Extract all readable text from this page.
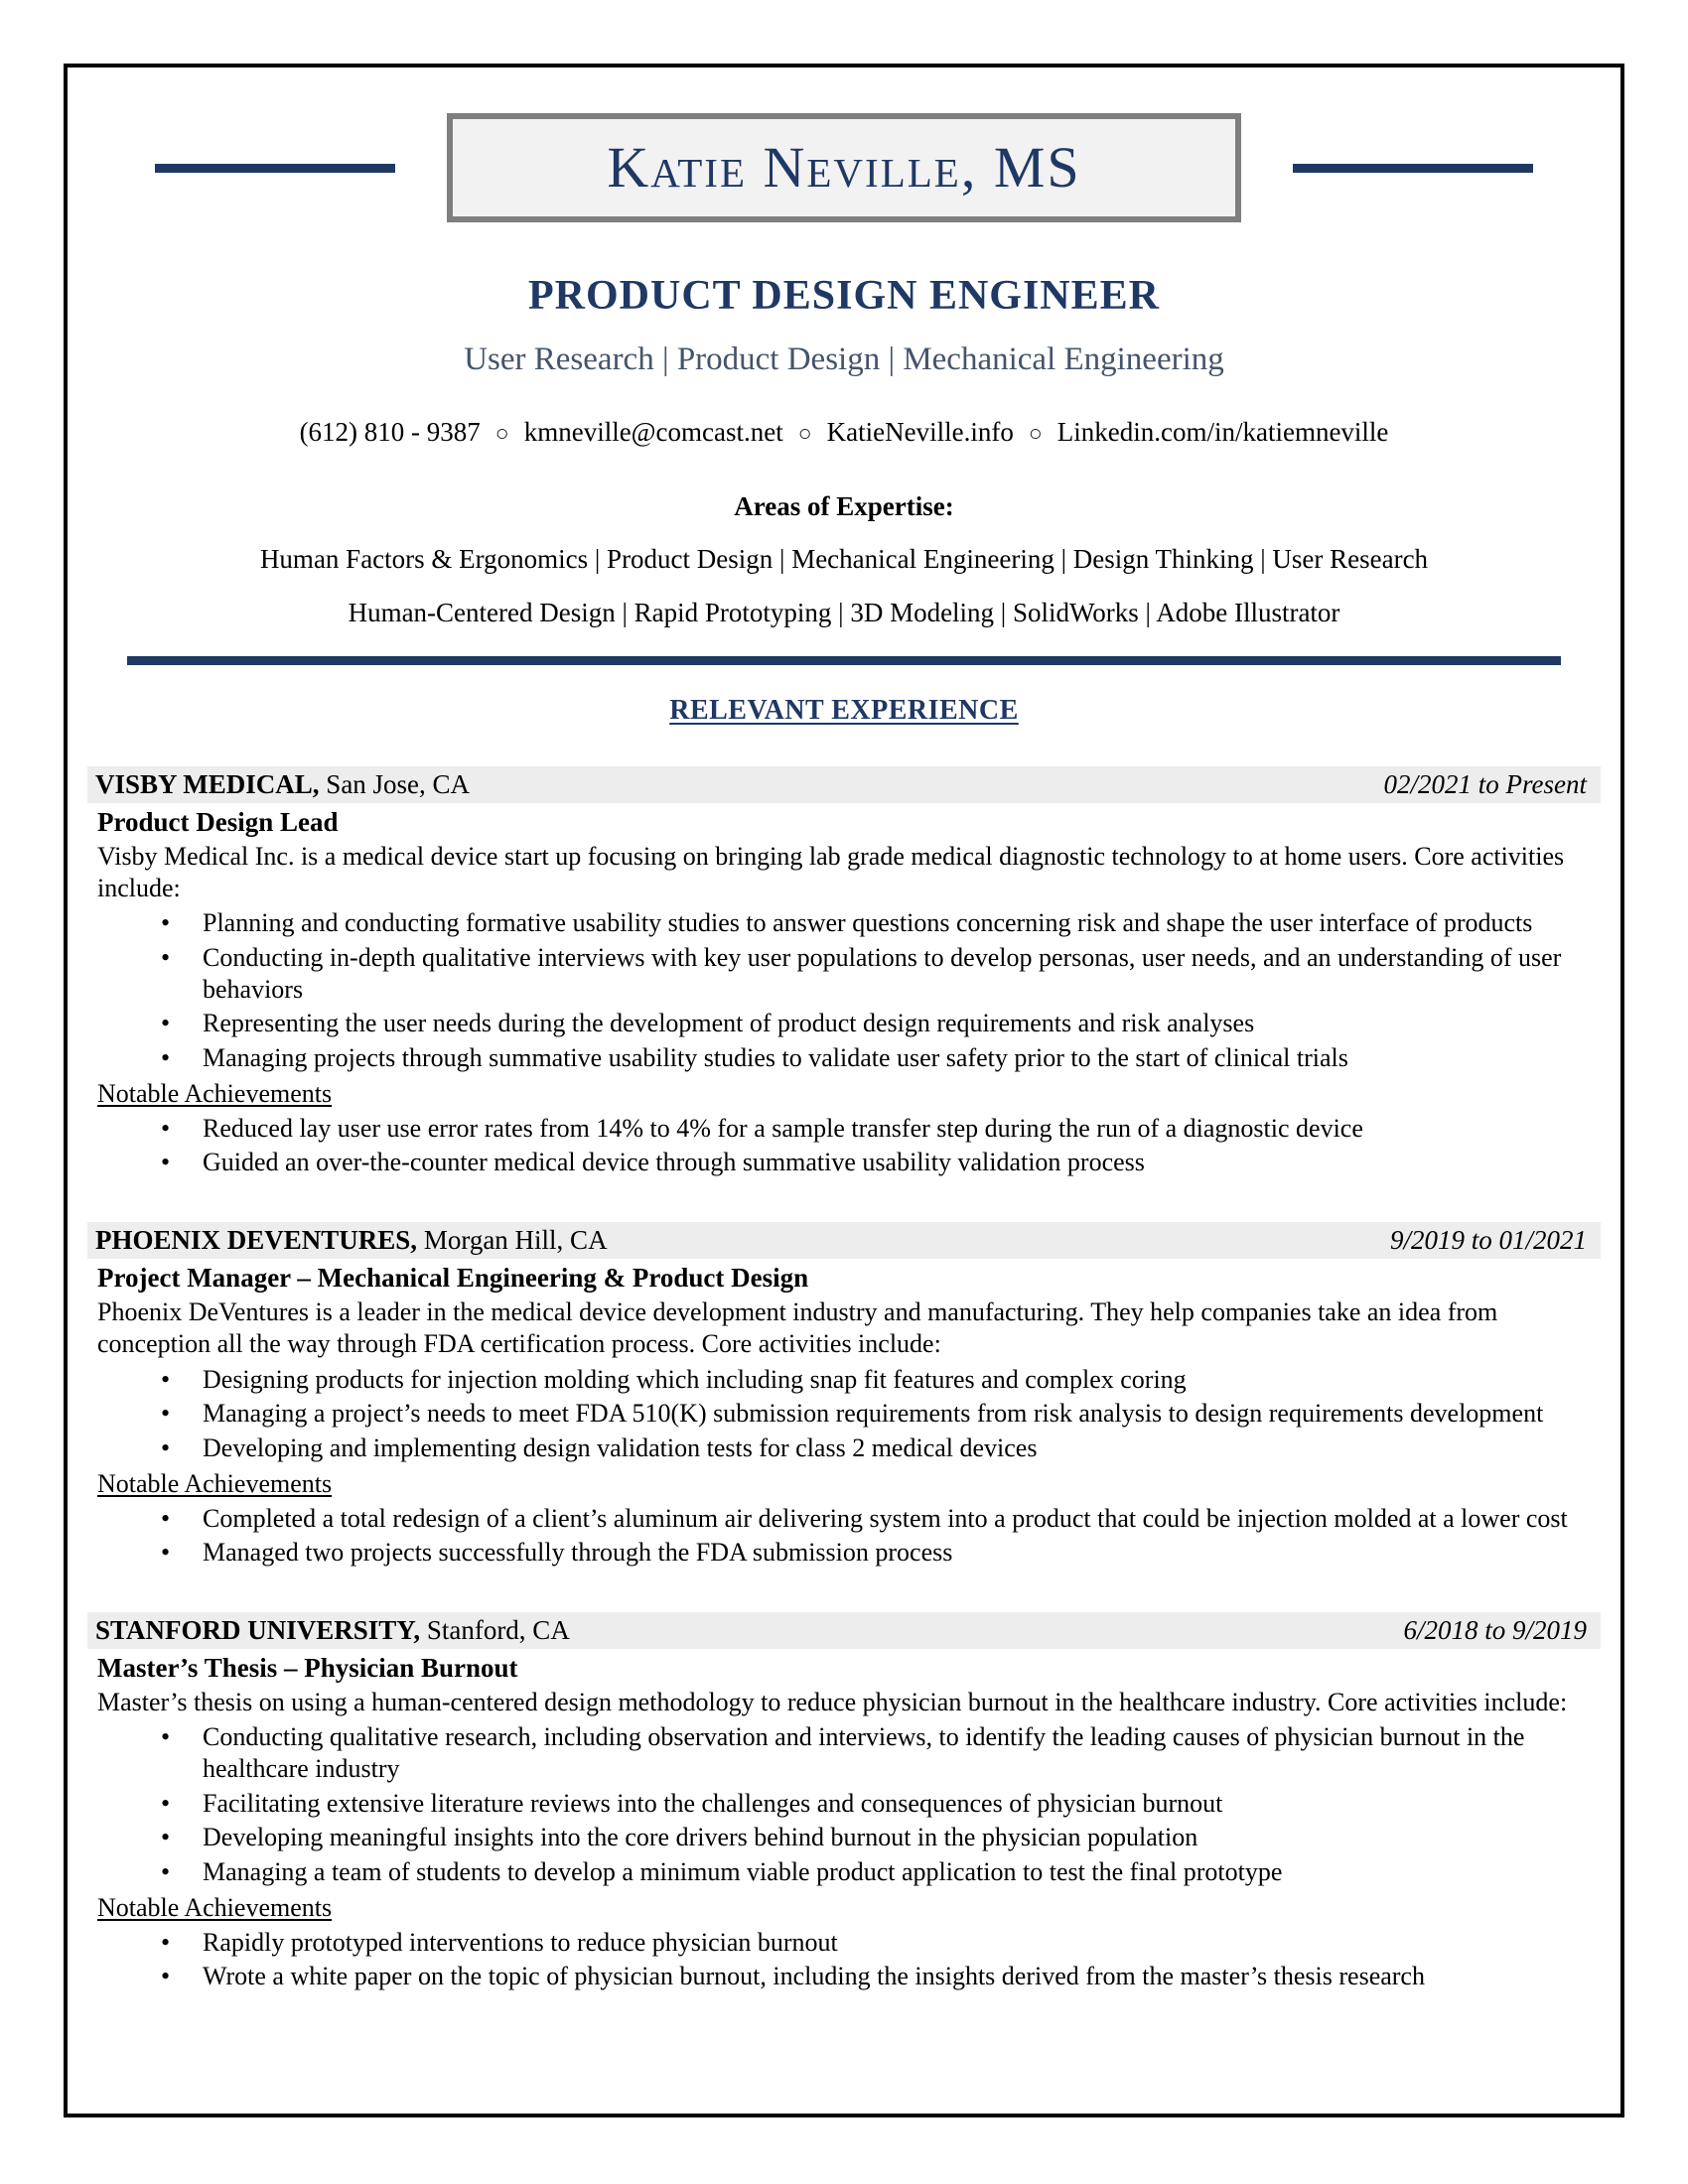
Katie Neville, MS
PRODUCT DESIGN ENGINEER
User Research | Product Design | Mechanical Engineering
(612) 810 - 9387 ○ kmneville@comcast.net ○ KatieNeville.info ○ Linkedin.com/in/katiemneville
Areas of Expertise:
Human Factors & Ergonomics | Product Design | Mechanical Engineering | Design Thinking | User Research
Human-Centered Design | Rapid Prototyping | 3D Modeling | SolidWorks | Adobe Illustrator
RELEVANT EXPERIENCE
VISBY MEDICAL, San Jose, CA	02/2021 to Present
Product Design Lead
Visby Medical Inc. is a medical device start up focusing on bringing lab grade medical diagnostic technology to at home users. Core activities include:
• Planning and conducting formative usability studies to answer questions concerning risk and shape the user interface of products
• Conducting in-depth qualitative interviews with key user populations to develop personas, user needs, and an understanding of user behaviors
• Representing the user needs during the development of product design requirements and risk analyses
• Managing projects through summative usability studies to validate user safety prior to the start of clinical trials
Notable Achievements
• Reduced lay user use error rates from 14% to 4% for a sample transfer step during the run of a diagnostic device
• Guided an over-the-counter medical device through summative usability validation process
PHOENIX DEVENTURES, Morgan Hill, CA	9/2019 to 01/2021
Project Manager – Mechanical Engineering & Product Design
Phoenix DeVentures is a leader in the medical device development industry and manufacturing. They help companies take an idea from conception all the way through FDA certification process. Core activities include:
• Designing products for injection molding which including snap fit features and complex coring
• Managing a project’s needs to meet FDA 510(K) submission requirements from risk analysis to design requirements development
• Developing and implementing design validation tests for class 2 medical devices
Notable Achievements
• Completed a total redesign of a client’s aluminum air delivering system into a product that could be injection molded at a lower cost
• Managed two projects successfully through the FDA submission process
STANFORD UNIVERSITY, Stanford, CA	6/2018 to 9/2019
Master’s Thesis – Physician Burnout
Master’s thesis on using a human-centered design methodology to reduce physician burnout in the healthcare industry. Core activities include:
• Conducting qualitative research, including observation and interviews, to identify the leading causes of physician burnout in the healthcare industry
• Facilitating extensive literature reviews into the challenges and consequences of physician burnout
• Developing meaningful insights into the core drivers behind burnout in the physician population
• Managing a team of students to develop a minimum viable product application to test the final prototype
Notable Achievements
• Rapidly prototyped interventions to reduce physician burnout
• Wrote a white paper on the topic of physician burnout, including the insights derived from the master’s thesis research
